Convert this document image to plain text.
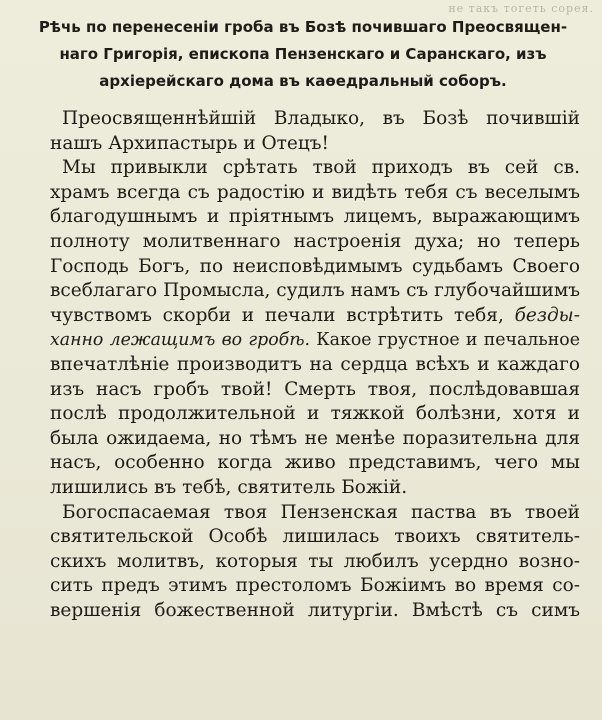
не такъ тогеть сорея.
Рѣчь по перенесеніи гроба въ Бозѣ почившаго Преосвящен-
наго Григорія, епископа Пензенскаго и Саранскаго, изъ
архіерейскаго дома въ каѳедральный соборъ.
Преосвященнѣйшій Владыко, въ Бозѣ почившій
нашъ Архипастырь и Отецъ!
Мы привыкли срѣтать твой приходъ въ сей св.
храмъ всегда съ радостію и видѣть тебя съ веселымъ
благодушнымъ и пріятнымъ лицемъ, выражающимъ
полноту молитвеннаго настроенія духа; но теперь
Господь Богъ, по неисповѣдимымъ судьбамъ Своего
всеблагаго Промысла, судилъ намъ съ глубочайшимъ
чувствомъ скорби и печали встрѣтить тебя, безды-
ханно лежащимъ во гробѣ. Какое грустное и печальное
впечатлѣніе производитъ на сердца всѣхъ и каждаго
изъ насъ гробъ твой! Смерть твоя, послѣдовавшая
послѣ продолжительной и тяжкой болѣзни, хотя и
была ожидаема, но тѣмъ не менѣе поразительна для
насъ, особенно когда живо представимъ, чего мы
лишились въ тебѣ, святитель Божій.
Богоспасаемая твоя Пензенская паства въ твоей
святительской Особѣ лишилась твоихъ святитель-
скихъ молитвъ, которыя ты любилъ усердно возно-
сить предъ этимъ престоломъ Божіимъ во время со-
вершенія божественной литургіи. Вмѣстѣ съ симъ
